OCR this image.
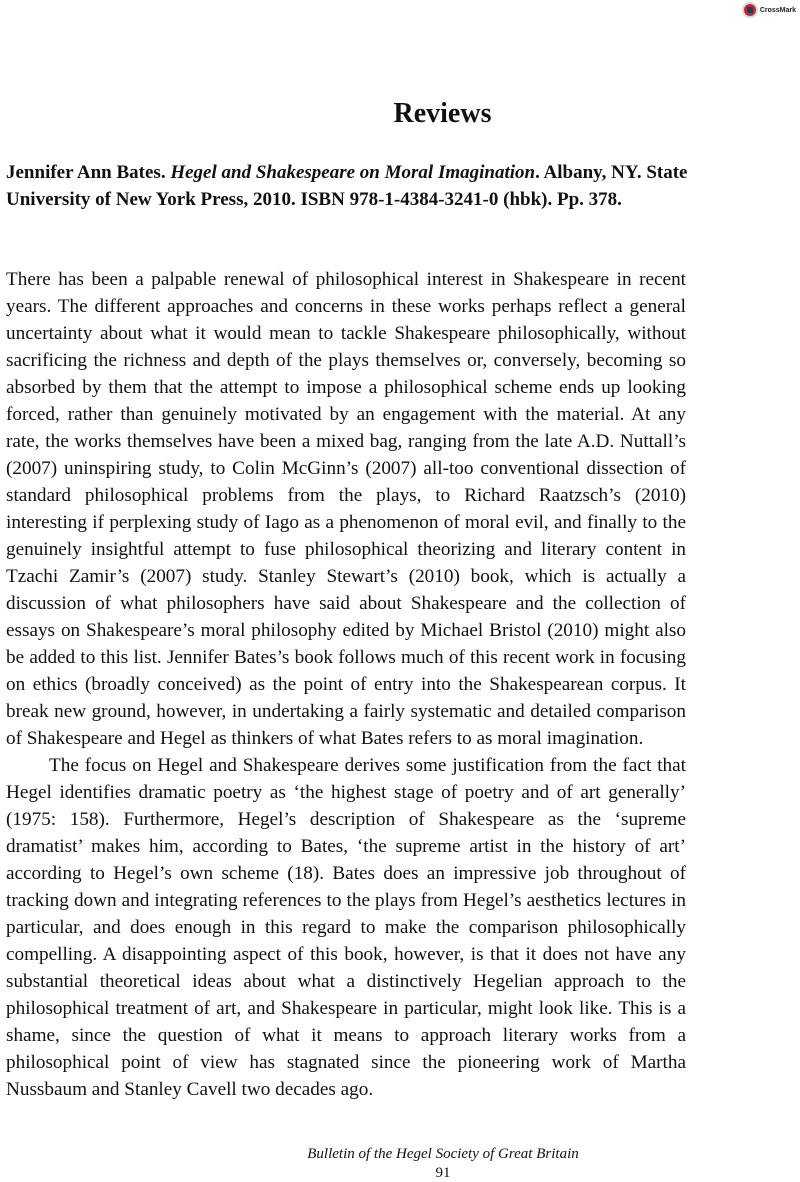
CrossMark
Reviews

Jennifer Ann Bates. Hegel and Shakespeare on Moral Imagination. Albany, NY. State University of New York Press, 2010. ISBN 978-1-4384-3241-0 (hbk). Pp. 378.

There has been a palpable renewal of philosophical interest in Shakespeare in recent years. The different approaches and concerns in these works perhaps reflect a general uncertainty about what it would mean to tackle Shakespeare philosophically, without sacrificing the richness and depth of the plays themselves or, conversely, becoming so absorbed by them that the attempt to impose a philosophical scheme ends up looking forced, rather than genuinely motivated by an engagement with the material. At any rate, the works themselves have been a mixed bag, ranging from the late A.D. Nuttall’s (2007) uninspiring study, to Colin McGinn’s (2007) all-too conventional dissection of standard philosophical problems from the plays, to Richard Raatzsch’s (2010) interesting if perplexing study of Iago as a phenomenon of moral evil, and finally to the genuinely insightful attempt to fuse philosophical theorizing and literary content in Tzachi Zamir’s (2007) study. Stanley Stewart’s (2010) book, which is actually a discussion of what philosophers have said about Shakespeare and the collection of essays on Shakespeare’s moral philosophy edited by Michael Bristol (2010) might also be added to this list. Jennifer Bates’s book follows much of this recent work in focusing on ethics (broadly conceived) as the point of entry into the Shakespearean corpus. It break new ground, however, in undertaking a fairly systematic and detailed comparison of Shakespeare and Hegel as thinkers of what Bates refers to as moral imagination.

The focus on Hegel and Shakespeare derives some justification from the fact that Hegel identifies dramatic poetry as ‘the highest stage of poetry and of art generally’ (1975: 158). Furthermore, Hegel’s description of Shakespeare as the ‘supreme dramatist’ makes him, according to Bates, ‘the supreme artist in the history of art’ according to Hegel’s own scheme (18). Bates does an impressive job throughout of tracking down and integrating references to the plays from Hegel’s aesthetics lectures in particular, and does enough in this regard to make the comparison philosophically compelling. A disappointing aspect of this book, however, is that it does not have any substantial theoretical ideas about what a distinctively Hegelian approach to the philosophical treatment of art, and Shakespeare in particular, might look like. This is a shame, since the question of what it means to approach literary works from a philosophical point of view has stagnated since the pioneering work of Martha Nussbaum and Stanley Cavell two decades ago.

Bulletin of the Hegel Society of Great Britain
91
